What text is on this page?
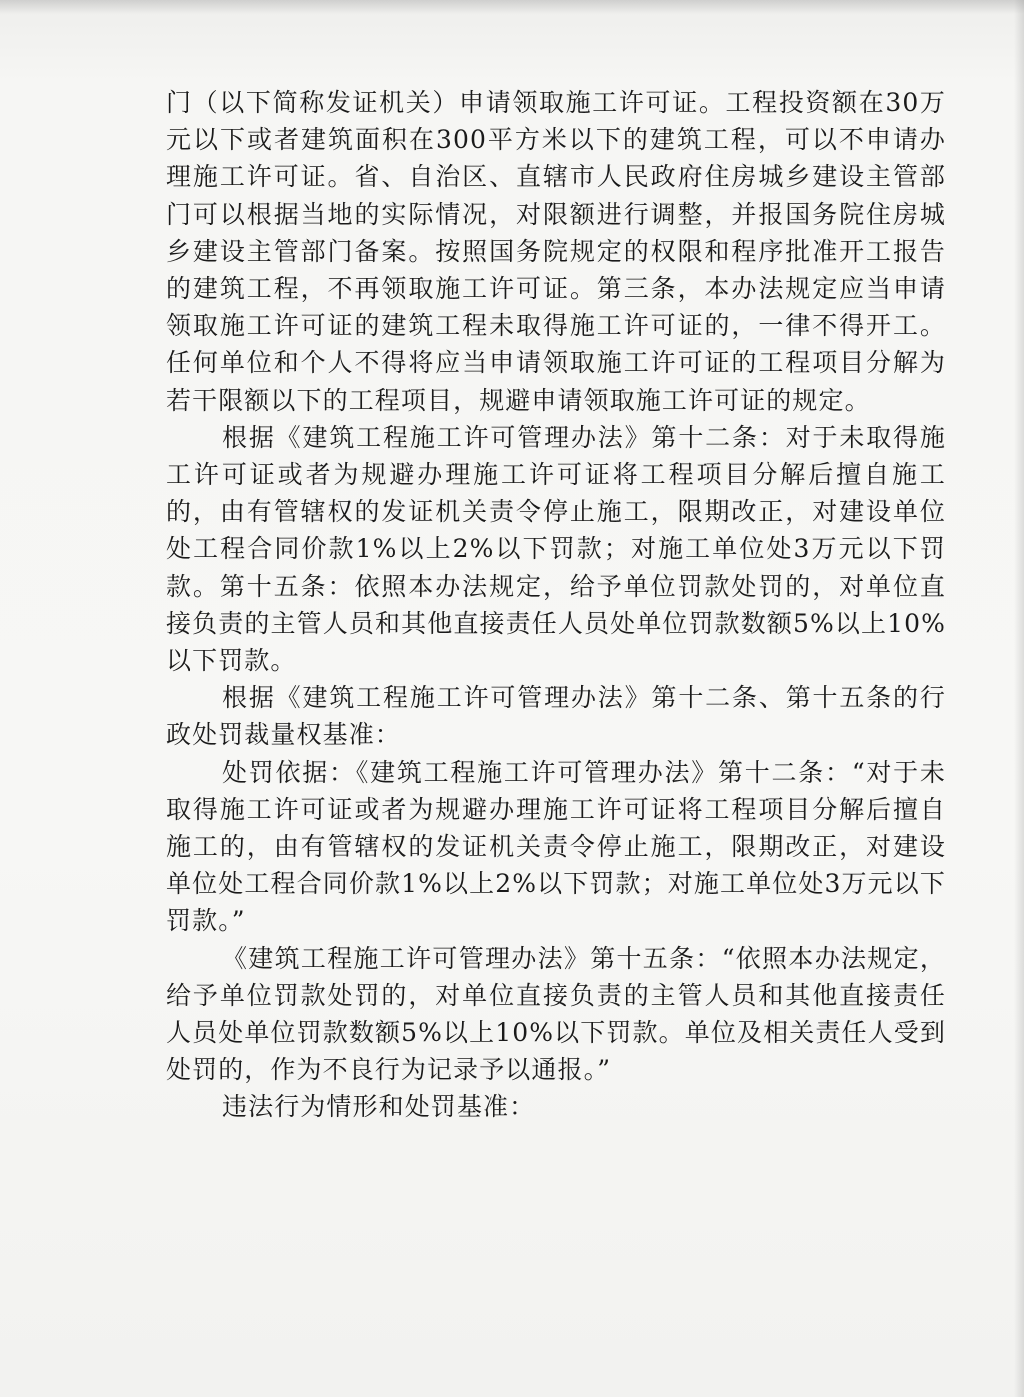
门（以下简称发证机关）申请领取施工许可证。工程投资额在30万元以下或者建筑面积在300平方米以下的建筑工程，可以不申请办理施工许可证。省、自治区、直辖市人民政府住房城乡建设主管部门可以根据当地的实际情况，对限额进行调整，并报国务院住房城乡建设主管部门备案。按照国务院规定的权限和程序批准开工报告的建筑工程，不再领取施工许可证。第三条，本办法规定应当申请领取施工许可证的建筑工程未取得施工许可证的，一律不得开工。任何单位和个人不得将应当申请领取施工许可证的工程项目分解为若干限额以下的工程项目，规避申请领取施工许可证的规定。

根据《建筑工程施工许可管理办法》第十二条：对于未取得施工许可证或者为规避办理施工许可证将工程项目分解后擅自施工的，由有管辖权的发证机关责令停止施工，限期改正，对建设单位处工程合同价款1%以上2%以下罚款；对施工单位处3万元以下罚款。第十五条：依照本办法规定，给予单位罚款处罚的，对单位直接负责的主管人员和其他直接责任人员处单位罚款数额5%以上10%以下罚款。

根据《建筑工程施工许可管理办法》第十二条、第十五条的行政处罚裁量权基准：

处罚依据：《建筑工程施工许可管理办法》第十二条：“对于未取得施工许可证或者为规避办理施工许可证将工程项目分解后擅自施工的，由有管辖权的发证机关责令停止施工，限期改正，对建设单位处工程合同价款1%以上2%以下罚款；对施工单位处3万元以下罚款。”

《建筑工程施工许可管理办法》第十五条：“依照本办法规定，给予单位罚款处罚的，对单位直接负责的主管人员和其他直接责任人员处单位罚款数额5%以上10%以下罚款。单位及相关责任人受到处罚的，作为不良行为记录予以通报。”

违法行为情形和处罚基准：
